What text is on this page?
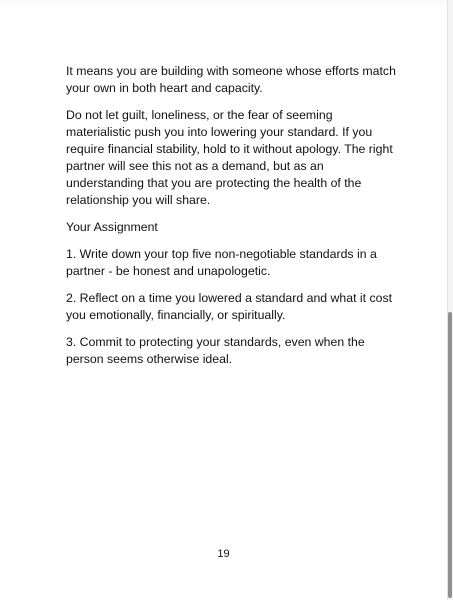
It means you are building with someone whose efforts match your own in both heart and capacity.

Do not let guilt, loneliness, or the fear of seeming materialistic push you into lowering your standard. If you require financial stability, hold to it without apology. The right partner will see this not as a demand, but as an understanding that you are protecting the health of the relationship you will share.

Your Assignment

1. Write down your top five non-negotiable standards in a partner - be honest and unapologetic.

2. Reflect on a time you lowered a standard and what it cost you emotionally, financially, or spiritually.

3. Commit to protecting your standards, even when the person seems otherwise ideal.

19
